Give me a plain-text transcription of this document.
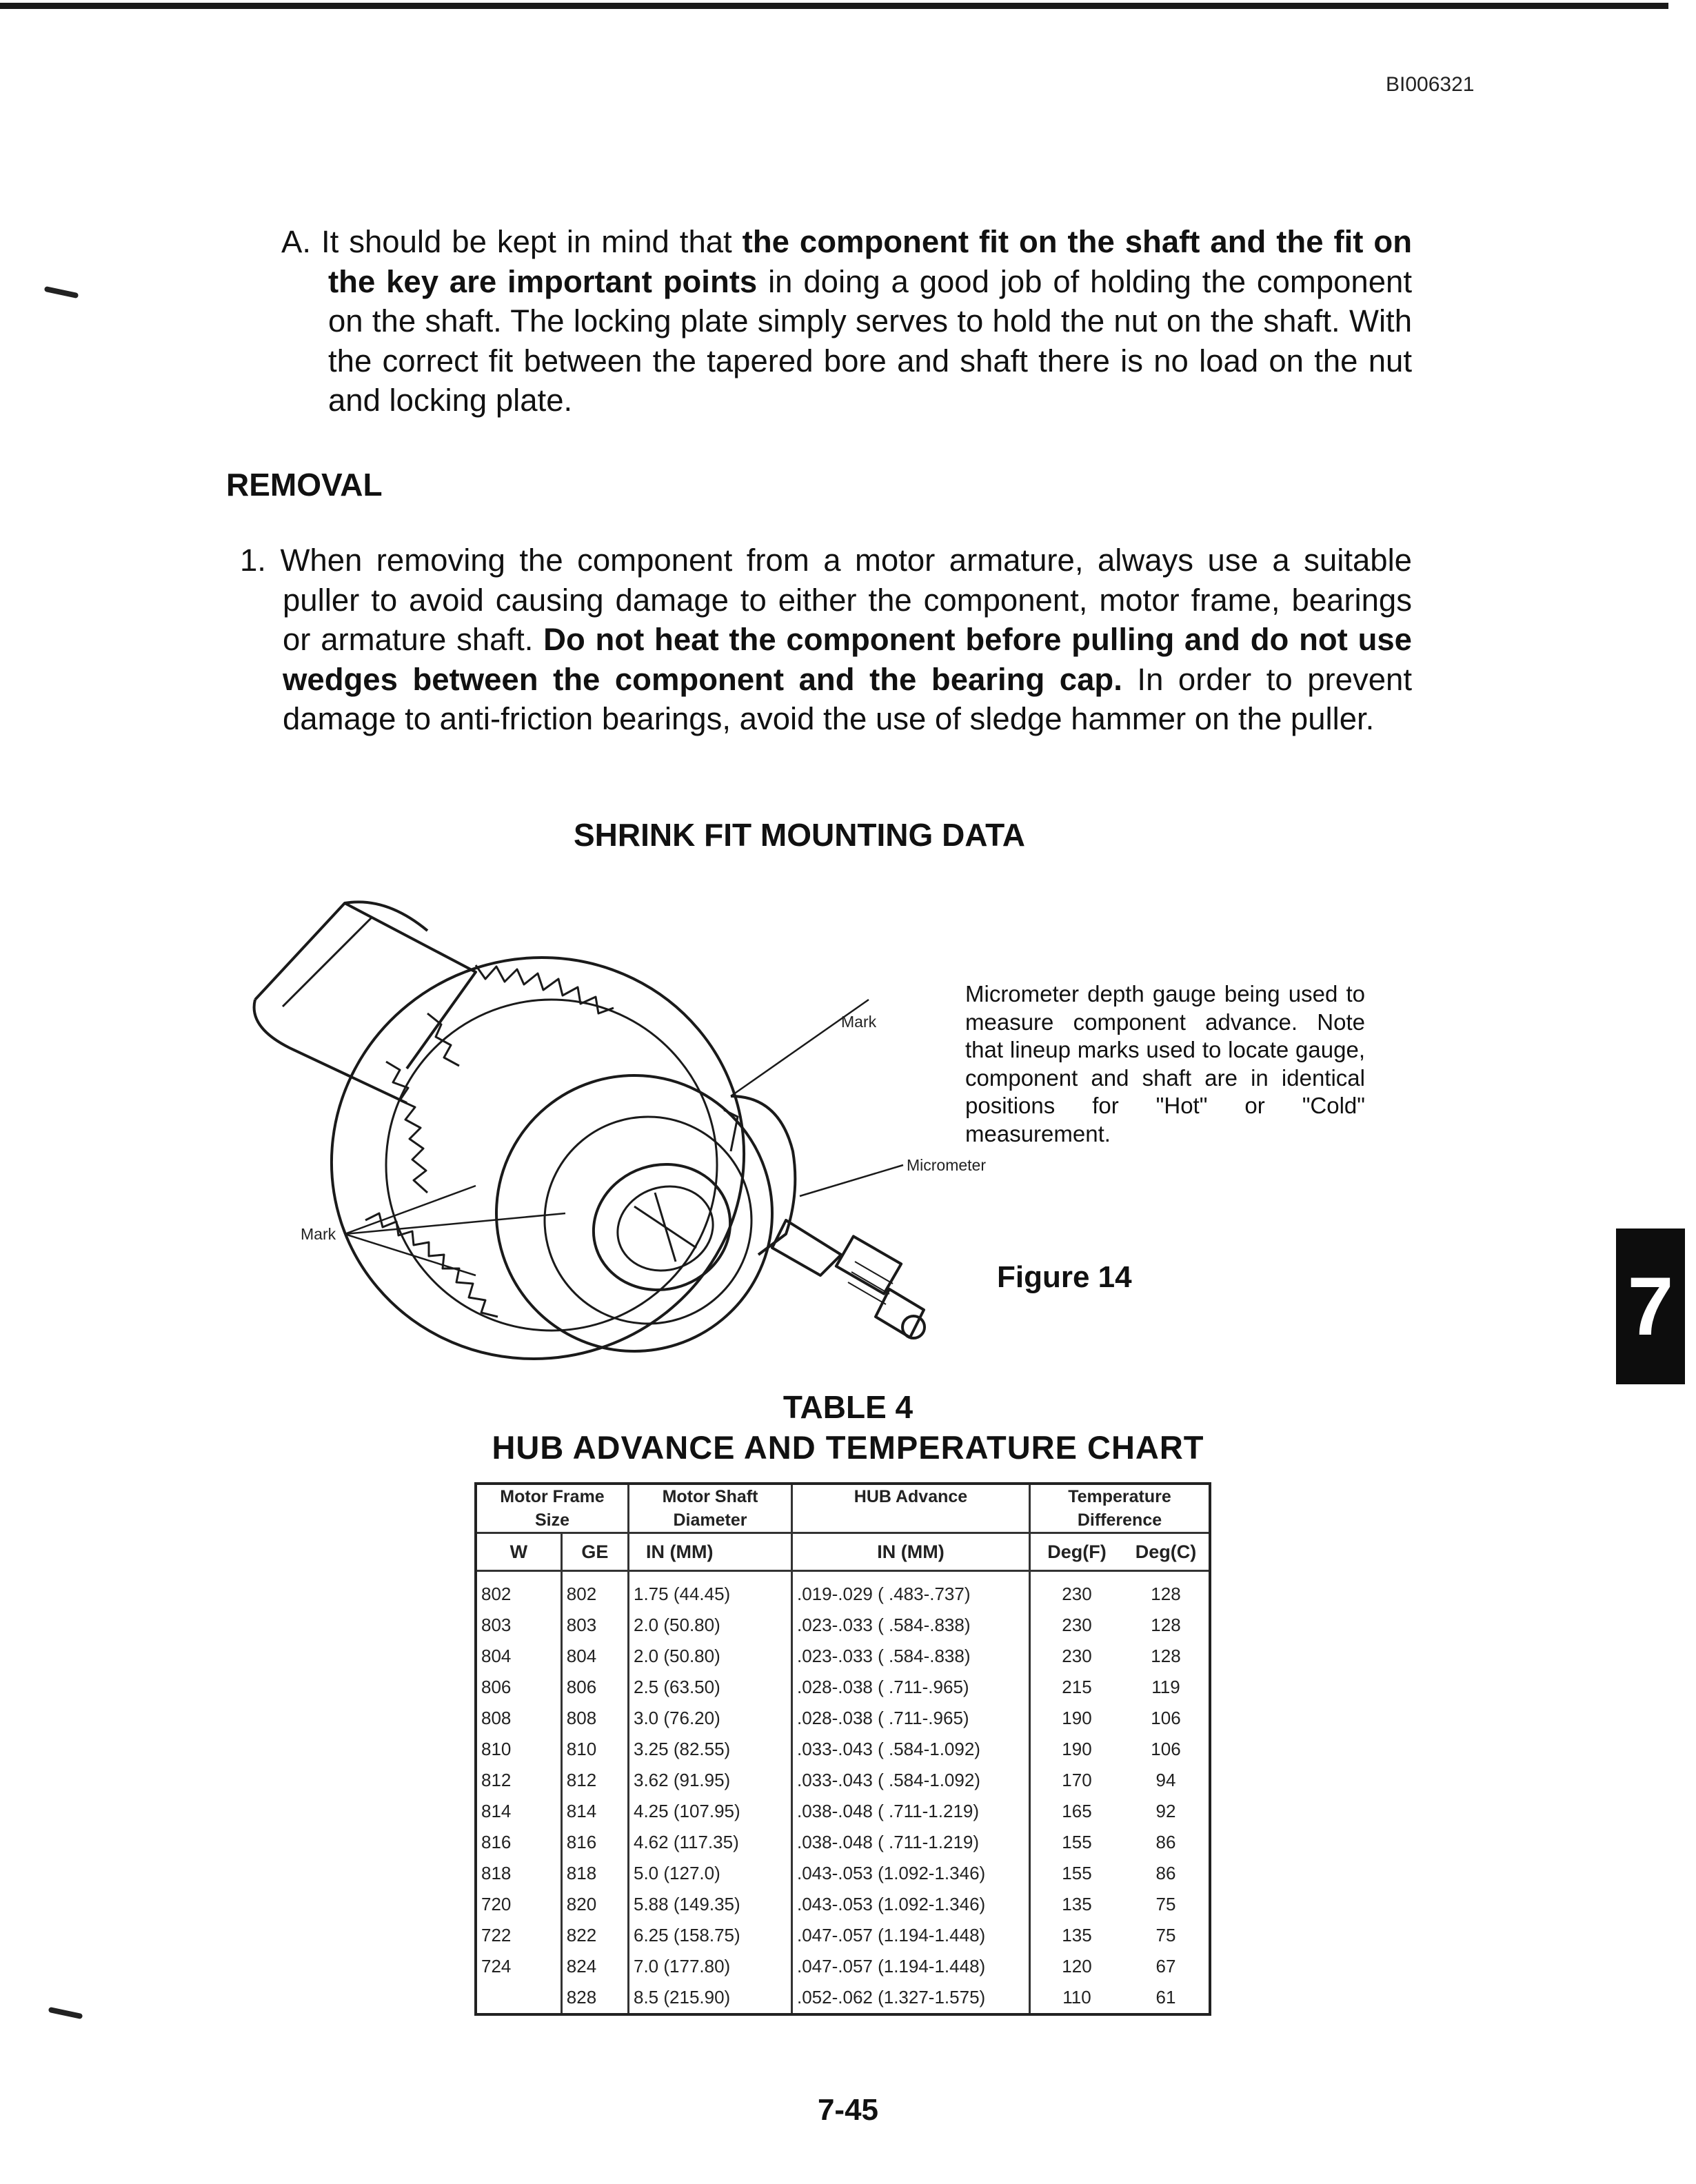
BI006321
A. It should be kept in mind that the component fit on the shaft and the fit on the key are important points in doing a good job of holding the component on the shaft. The locking plate simply serves to hold the nut on the shaft. With the correct fit between the tapered bore and shaft there is no load on the nut and locking plate.
REMOVAL
1. When removing the component from a motor armature, always use a suitable puller to avoid causing damage to either the component, motor frame, bearings or armature shaft. Do not heat the component before pulling and do not use wedges between the component and the bearing cap. In order to prevent damage to anti-friction bearings, avoid the use of sledge hammer on the puller.
SHRINK FIT MOUNTING DATA
Mark
Micrometer
Mark
Micrometer depth gauge being used to measure component advance. Note that lineup marks used to locate gauge, component and shaft are in identical positions for "Hot" or "Cold" measurement.
Figure 14	7
TABLE 4
HUB ADVANCE AND TEMPERATURE CHART
Motor Frame Size		Motor Shaft Diameter	HUB Advance	Temperature Difference	
W	GE	IN (MM)	IN (MM)	Deg(F)	Deg(C)
802	802	1.75 (44.45)	.019-.029 ( .483-.737)	230	128
803	803	2.0 (50.80)	.023-.033 ( .584-.838)	230	128
804	804	2.0 (50.80)	.023-.033 ( .584-.838)	230	128
806	806	2.5 (63.50)	.028-.038 ( .711-.965)	215	119
808	808	3.0 (76.20)	.028-.038 ( .711-.965)	190	106
810	810	3.25 (82.55)	.033-.043 ( .584-1.092)	190	106
812	812	3.62 (91.95)	.033-.043 ( .584-1.092)	170	94
814	814	4.25 (107.95)	.038-.048 ( .711-1.219)	165	92
816	816	4.62 (117.35)	.038-.048 ( .711-1.219)	155	86
818	818	5.0 (127.0)	.043-.053 (1.092-1.346)	155	86
720	820	5.88 (149.35)	.043-.053 (1.092-1.346)	135	75
722	822	6.25 (158.75)	.047-.057 (1.194-1.448)	135	75
724	824	7.0 (177.80)	.047-.057 (1.194-1.448)	120	67
	828	8.5 (215.90)	.052-.062 (1.327-1.575)	110	61
7-45
